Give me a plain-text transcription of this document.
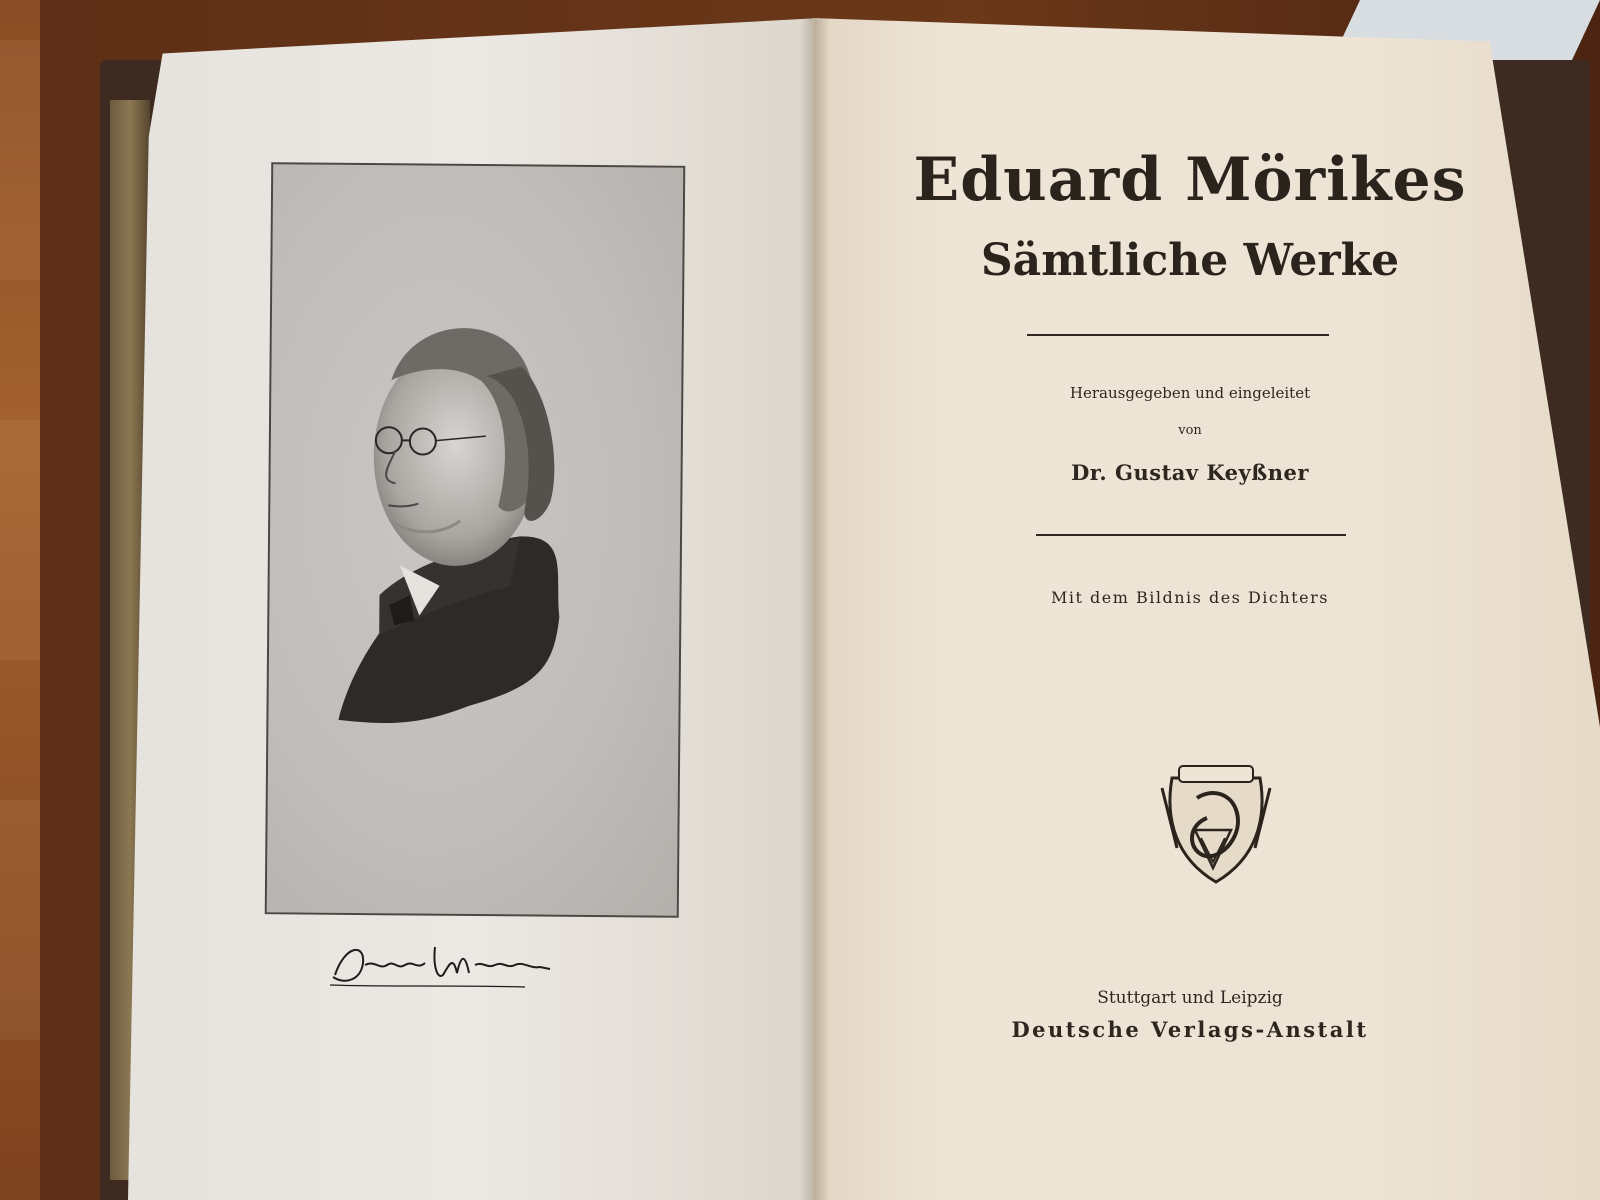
Eduard Mörikes
Sämtliche Werke
Herausgegeben und eingeleitet
von
Dr. Gustav Keyßner
Mit dem Bildnis des Dichters
Stuttgart und Leipzig
Deutsche Verlags-Anstalt
